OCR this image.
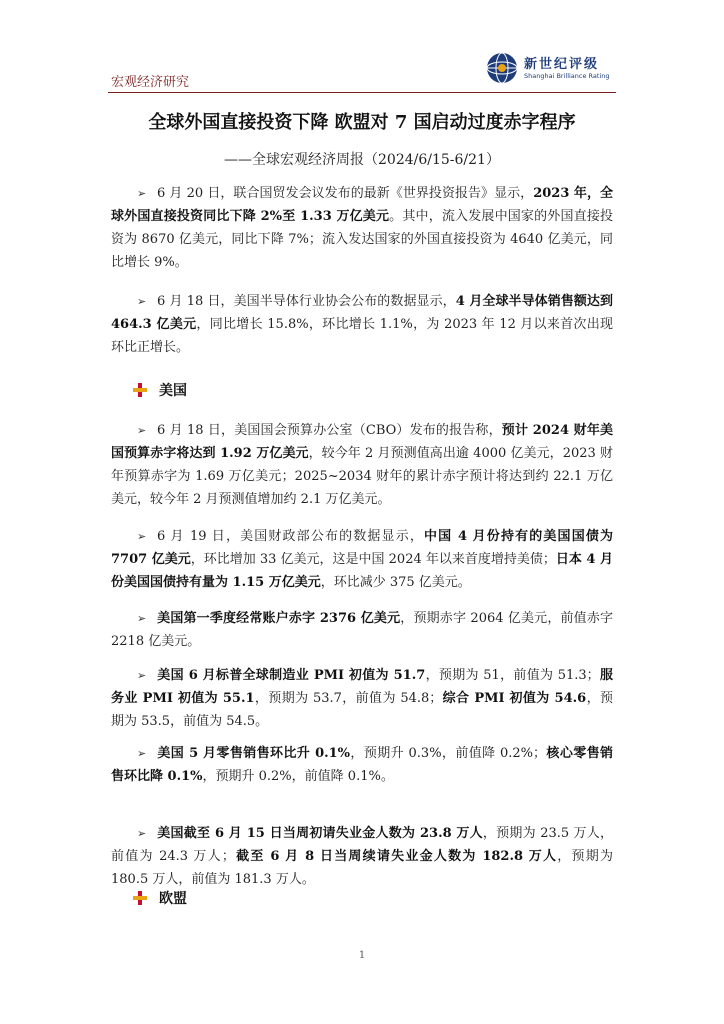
宏观经济研究
新世纪评级
Shanghai Brilliance Rating
全球外国直接投资下降 欧盟对 7 国启动过度赤字程序
——全球宏观经济周报（2024/6/15-6/21）
➢ 6 月 20 日，联合国贸发会议发布的最新《世界投资报告》显示，2023 年，全球外国直接投资同比下降 2%至 1.33 万亿美元。其中，流入发展中国家的外国直接投资为 8670 亿美元，同比下降 7%；流入发达国家的外国直接投资为 4640 亿美元，同比增长 9%。
➢ 6 月 18 日，美国半导体行业协会公布的数据显示，4 月全球半导体销售额达到 464.3 亿美元，同比增长 15.8%，环比增长 1.1%，为 2023 年 12 月以来首次出现环比正增长。
美国
➢ 6 月 18 日，美国国会预算办公室（CBO）发布的报告称，预计 2024 财年美国预算赤字将达到 1.92 万亿美元，较今年 2 月预测值高出逾 4000 亿美元，2023 财年预算赤字为 1.69 万亿美元；2025~2034 财年的累计赤字预计将达到约 22.1 万亿美元，较今年 2 月预测值增加约 2.1 万亿美元。
➢ 6 月 19 日，美国财政部公布的数据显示，中国 4 月份持有的美国国债为 7707 亿美元，环比增加 33 亿美元，这是中国 2024 年以来首度增持美债；日本 4 月份美国国债持有量为 1.15 万亿美元，环比减少 375 亿美元。
➢ 美国第一季度经常账户赤字 2376 亿美元，预期赤字 2064 亿美元，前值赤字 2218 亿美元。
➢ 美国 6 月标普全球制造业 PMI 初值为 51.7，预期为 51，前值为 51.3；服务业 PMI 初值为 55.1，预期为 53.7，前值为 54.8；综合 PMI 初值为 54.6，预期为 53.5，前值为 54.5。
➢ 美国 5 月零售销售环比升 0.1%，预期升 0.3%，前值降 0.2%；核心零售销售环比降 0.1%，预期升 0.2%，前值降 0.1%。
➢ 美国截至 6 月 15 日当周初请失业金人数为 23.8 万人，预期为 23.5 万人，前值为 24.3 万人；截至 6 月 8 日当周续请失业金人数为 182.8 万人，预期为 180.5 万人，前值为 181.3 万人。
欧盟
1
